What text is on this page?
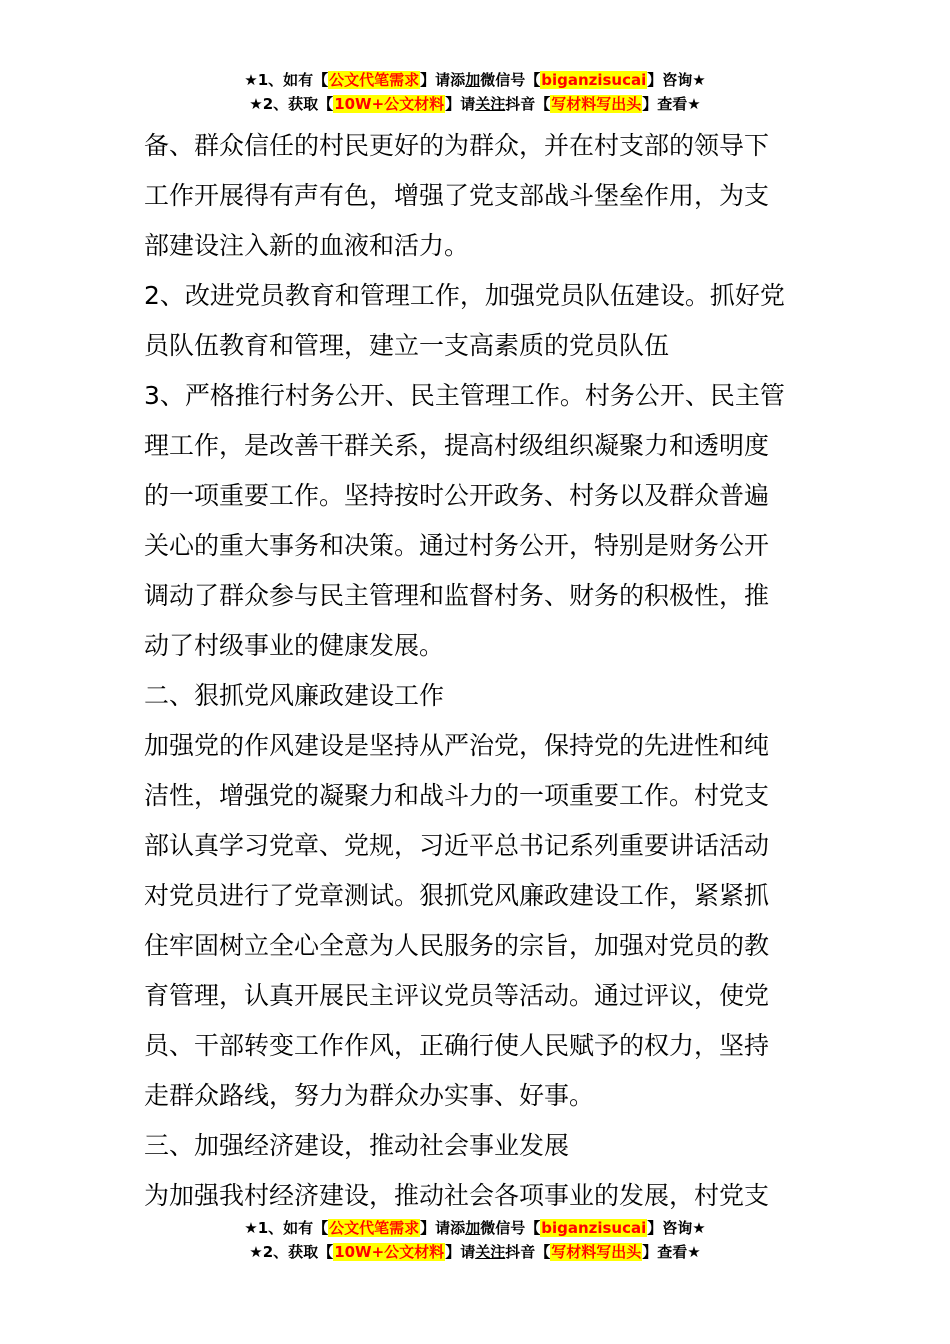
★1、如有【公文代笔需求】请添加微信号【biganzisucai】咨询★
★2、获取【10W+公文材料】请关注抖音【写材料写出头】查看★

备、群众信任的村民更好的为群众，并在村支部的领导下

工作开展得有声有色，增强了党支部战斗堡垒作用，为支

部建设注入新的血液和活力。

2、改进党员教育和管理工作，加强党员队伍建设。抓好党

员队伍教育和管理，建立一支高素质的党员队伍

3、严格推行村务公开、民主管理工作。村务公开、民主管

理工作，是改善干群关系，提高村级组织凝聚力和透明度

的一项重要工作。坚持按时公开政务、村务以及群众普遍

关心的重大事务和决策。通过村务公开，特别是财务公开

调动了群众参与民主管理和监督村务、财务的积极性，推

动了村级事业的健康发展。

二、狠抓党风廉政建设工作

加强党的作风建设是坚持从严治党，保持党的先进性和纯

洁性，增强党的凝聚力和战斗力的一项重要工作。村党支

部认真学习党章、党规，习近平总书记系列重要讲话活动

对党员进行了党章测试。狠抓党风廉政建设工作，紧紧抓

住牢固树立全心全意为人民服务的宗旨，加强对党员的教

育管理，认真开展民主评议党员等活动。通过评议，使党

员、干部转变工作作风，正确行使人民赋予的权力，坚持

走群众路线，努力为群众办实事、好事。

三、加强经济建设，推动社会事业发展

为加强我村经济建设，推动社会各项事业的发展，村党支

★1、如有【公文代笔需求】请添加微信号【biganzisucai】咨询★
★2、获取【10W+公文材料】请关注抖音【写材料写出头】查看★
